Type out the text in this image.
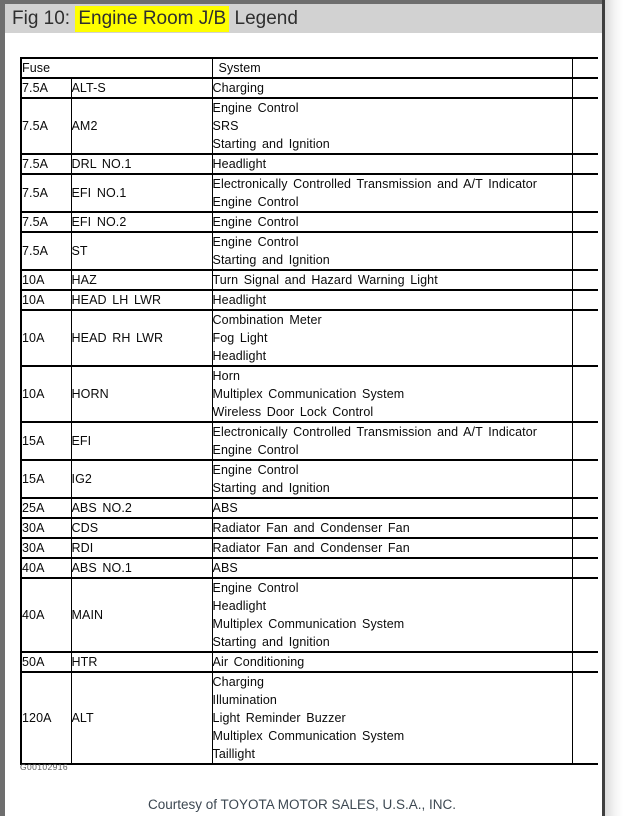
Fig 10: Engine Room J/B Legend
Fuse		System	
7.5A	ALT-S	Charging	

7.5A	AM2	Engine Control
SRS
Starting and Ignition	

7.5A	DRL NO.1	Headlight	

7.5A	EFI NO.1	Electronically Controlled Transmission and A/T Indicator
Engine Control	

7.5A	EFI NO.2	Engine Control	

7.5A	ST	Engine Control
Starting and Ignition	

10A	HAZ	Turn Signal and Hazard Warning Light	

10A	HEAD LH LWR	Headlight	

10A	HEAD RH LWR	Combination Meter
Fog Light
Headlight	

10A	HORN	Horn
Multiplex Communication System
Wireless Door Lock Control	

15A	EFI	Electronically Controlled Transmission and A/T Indicator
Engine Control	

15A	IG2	Engine Control
Starting and Ignition	

25A	ABS NO.2	ABS	

30A	CDS	Radiator Fan and Condenser Fan	

30A	RDI	Radiator Fan and Condenser Fan	

40A	ABS NO.1	ABS	

40A	MAIN	Engine Control
Headlight
Multiplex Communication System
Starting and Ignition	

50A	HTR	Air Conditioning	

120A	ALT	Charging
Illumination
Light Reminder Buzzer
Multiplex Communication System
Taillight	

G00102916
Courtesy of TOYOTA MOTOR SALES, U.S.A., INC.
